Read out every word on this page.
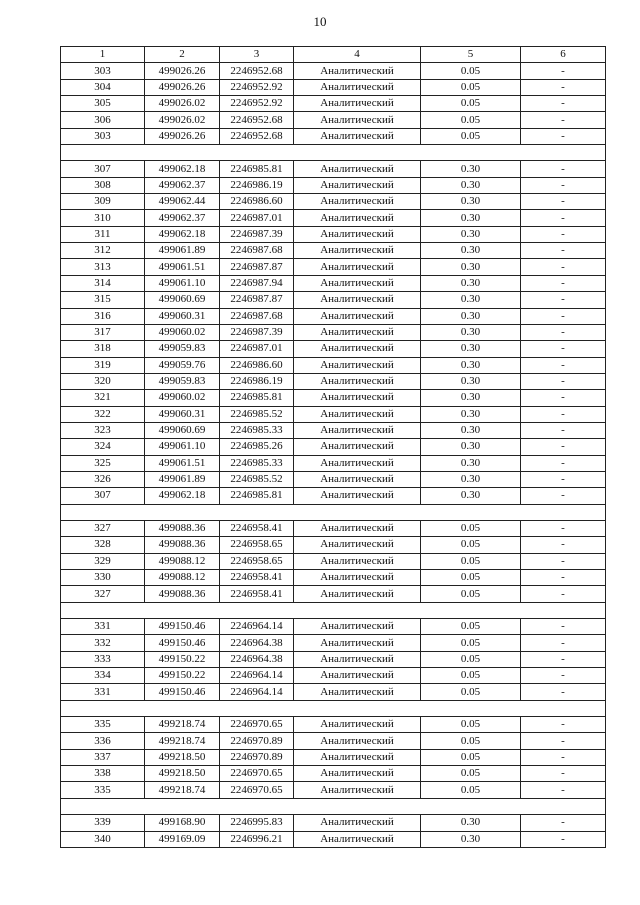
10
1	2	3	4	5	6
303	499026.26	2246952.68	Аналитический	0.05	-
304	499026.26	2246952.92	Аналитический	0.05	-
305	499026.02	2246952.92	Аналитический	0.05	-
306	499026.02	2246952.68	Аналитический	0.05	-
303	499026.26	2246952.68	Аналитический	0.05	-

307	499062.18	2246985.81	Аналитический	0.30	-
308	499062.37	2246986.19	Аналитический	0.30	-
309	499062.44	2246986.60	Аналитический	0.30	-
310	499062.37	2246987.01	Аналитический	0.30	-
311	499062.18	2246987.39	Аналитический	0.30	-
312	499061.89	2246987.68	Аналитический	0.30	-
313	499061.51	2246987.87	Аналитический	0.30	-
314	499061.10	2246987.94	Аналитический	0.30	-
315	499060.69	2246987.87	Аналитический	0.30	-
316	499060.31	2246987.68	Аналитический	0.30	-
317	499060.02	2246987.39	Аналитический	0.30	-
318	499059.83	2246987.01	Аналитический	0.30	-
319	499059.76	2246986.60	Аналитический	0.30	-
320	499059.83	2246986.19	Аналитический	0.30	-
321	499060.02	2246985.81	Аналитический	0.30	-
322	499060.31	2246985.52	Аналитический	0.30	-
323	499060.69	2246985.33	Аналитический	0.30	-
324	499061.10	2246985.26	Аналитический	0.30	-
325	499061.51	2246985.33	Аналитический	0.30	-
326	499061.89	2246985.52	Аналитический	0.30	-
307	499062.18	2246985.81	Аналитический	0.30	-

327	499088.36	2246958.41	Аналитический	0.05	-
328	499088.36	2246958.65	Аналитический	0.05	-
329	499088.12	2246958.65	Аналитический	0.05	-
330	499088.12	2246958.41	Аналитический	0.05	-
327	499088.36	2246958.41	Аналитический	0.05	-

331	499150.46	2246964.14	Аналитический	0.05	-
332	499150.46	2246964.38	Аналитический	0.05	-
333	499150.22	2246964.38	Аналитический	0.05	-
334	499150.22	2246964.14	Аналитический	0.05	-
331	499150.46	2246964.14	Аналитический	0.05	-

335	499218.74	2246970.65	Аналитический	0.05	-
336	499218.74	2246970.89	Аналитический	0.05	-
337	499218.50	2246970.89	Аналитический	0.05	-
338	499218.50	2246970.65	Аналитический	0.05	-
335	499218.74	2246970.65	Аналитический	0.05	-

339	499168.90	2246995.83	Аналитический	0.30	-
340	499169.09	2246996.21	Аналитический	0.30	-
